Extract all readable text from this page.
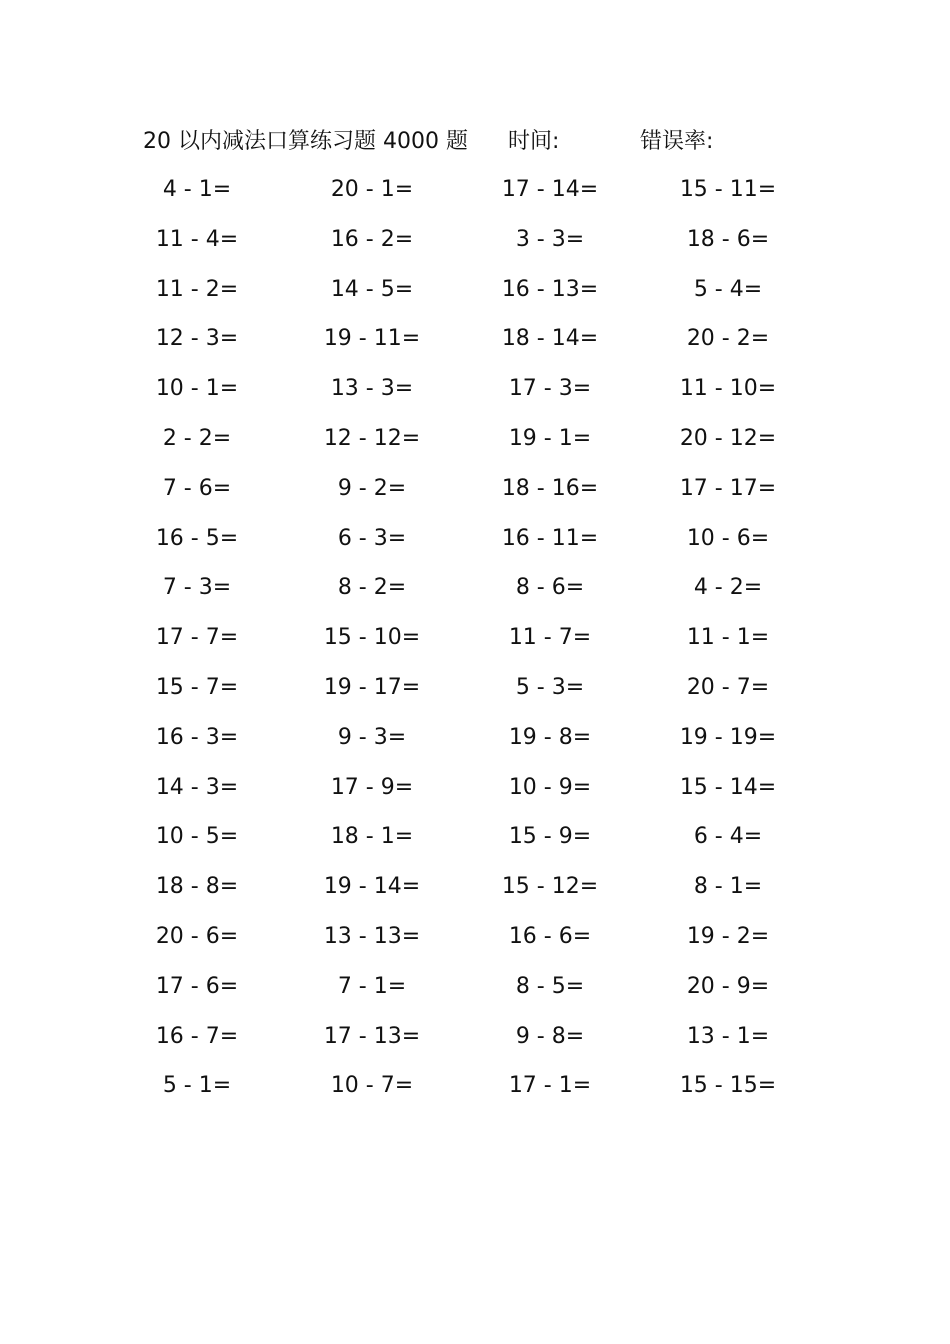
20 以内减法口算练习题 4000 题 时间:	错误率:
4 - 1=	20 - 1=	17 - 14=	15 - 11=
11 - 4=	16 - 2=	3 - 3=	18 - 6=
11 - 2=	14 - 5=	16 - 13=	5 - 4=
12 - 3=	19 - 11=	18 - 14=	20 - 2=
10 - 1=	13 - 3=	17 - 3=	11 - 10=
2 - 2=	12 - 12=	19 - 1=	20 - 12=
7 - 6=	9 - 2=	18 - 16=	17 - 17=
16 - 5=	6 - 3=	16 - 11=	10 - 6=
7 - 3=	8 - 2=	8 - 6=	4 - 2=
17 - 7=	15 - 10=	11 - 7=	11 - 1=
15 - 7=	19 - 17=	5 - 3=	20 - 7=
16 - 3=	9 - 3=	19 - 8=	19 - 19=
14 - 3=	17 - 9=	10 - 9=	15 - 14=
10 - 5=	18 - 1=	15 - 9=	6 - 4=
18 - 8=	19 - 14=	15 - 12=	8 - 1=
20 - 6=	13 - 13=	16 - 6=	19 - 2=
17 - 6=	7 - 1=	8 - 5=	20 - 9=
16 - 7=	17 - 13=	9 - 8=	13 - 1=
5 - 1=	10 - 7=	17 - 1=	15 - 15=
